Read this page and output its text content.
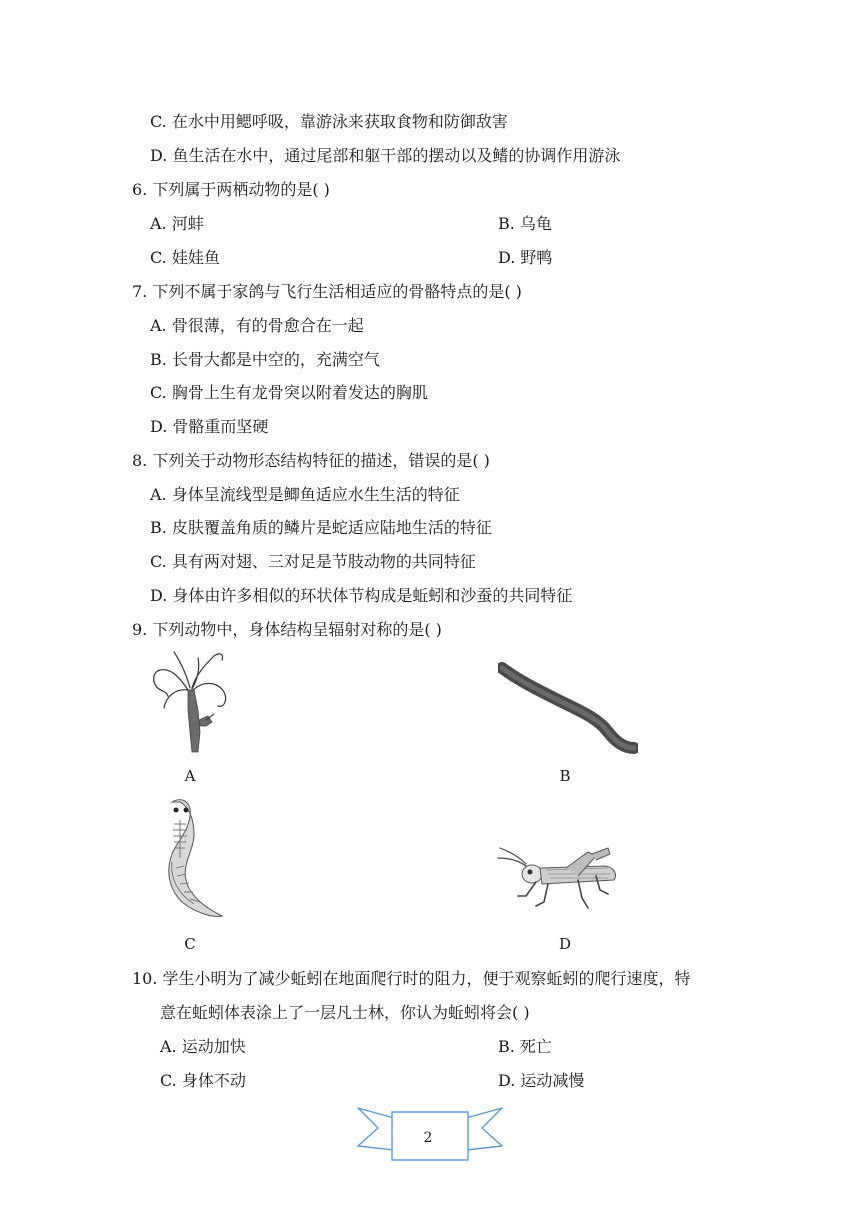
C. 在水中用鳃呼吸，靠游泳来获取食物和防御敌害
D. 鱼生活在水中，通过尾部和躯干部的摆动以及鳍的协调作用游泳
6. 下列属于两栖动物的是( )
A. 河蚌	B. 乌龟
C. 娃娃鱼	D. 野鸭
7. 下列不属于家鸽与飞行生活相适应的骨骼特点的是( )
A. 骨很薄，有的骨愈合在一起
B. 长骨大都是中空的，充满空气
C. 胸骨上生有龙骨突以附着发达的胸肌
D. 骨骼重而坚硬
8. 下列关于动物形态结构特征的描述，错误的是( )
A. 身体呈流线型是鲫鱼适应水生生活的特征
B. 皮肤覆盖角质的鳞片是蛇适应陆地生活的特征
C. 具有两对翅、三对足是节肢动物的共同特征
D. 身体由许多相似的环状体节构成是蚯蚓和沙蚕的共同特征
9. 下列动物中，身体结构呈辐射对称的是( )
A	B
C	D
10. 学生小明为了减少蚯蚓在地面爬行时的阻力，便于观察蚯蚓的爬行速度，特
意在蚯蚓体表涂上了一层凡士林，你认为蚯蚓将会( )
A. 运动加快	B. 死亡
C. 身体不动	D. 运动减慢
2
